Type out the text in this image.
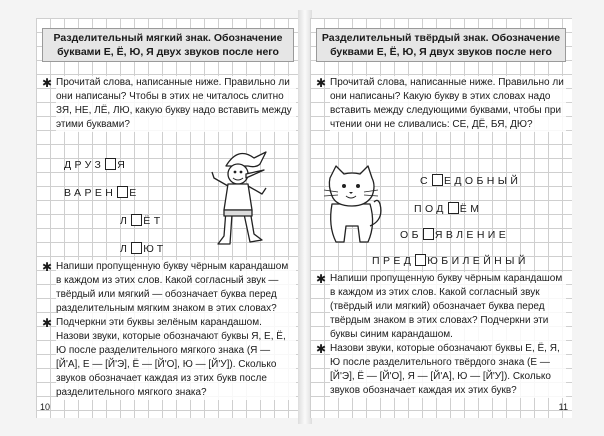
Разделительный мягкий знак. Обозначение
буквами Е, Ё, Ю, Я двух звуков после него
✱ Прочитай слова, написанные ниже. Правильно ли они написаны? Чтобы в этих не читалось слитно ЗЯ, НЕ, ЛЁ, ЛЮ, какую букву надо вставить между этими буквами?
ДРУЗ Я
ВАРЕН Е
Л ЁТ
Л ЮТ
✱ Напиши пропущенную букву чёрным карандашом в каждом из этих слов. Какой согласный звук — твёрдый или мягкий — обозначает буква перед разделительным мягким знаком в этих словах?
✱ Подчеркни эти буквы зелёным карандашом. Назови звуки, которые обозначают буквы Я, Е, Ё, Ю после разделительного мягкого знака (Я — [Й'А], Е — [Й'Э], Ё — [Й'О], Ю — [Й'У]). Сколько звуков обозначает каждая из этих букв после разделительного мягкого знака?
10
Разделительный твёрдый знак. Обозначение
буквами Е, Ё, Ю, Я двух звуков после него
✱ Прочитай слова, написанные ниже. Правильно ли они написаны? Какую букву в этих словах надо вставить между следующими буквами, чтобы при чтении они не сливались: СЕ, ДЁ, БЯ, ДЮ?
С ЕДОБНЫЙ
ПОД ЁМ
ОБ ЯВЛЕНИЕ
ПРЕД ЮБИЛЕЙНЫЙ
✱ Напиши пропущенную букву чёрным карандашом в каждом из этих слов. Какой согласный звук (твёрдый или мягкий) обозначает буква перед твёрдым знаком в этих словах? Подчеркни эти буквы синим карандашом.
✱ Назови звуки, которые обозначают буквы Е, Ё, Я, Ю после разделительного твёрдого знака (Е — [Й'Э], Ё — [Й'О], Я — [Й'А], Ю — [Й'У]). Сколько звуков обозначает каждая их этих букв?
11
